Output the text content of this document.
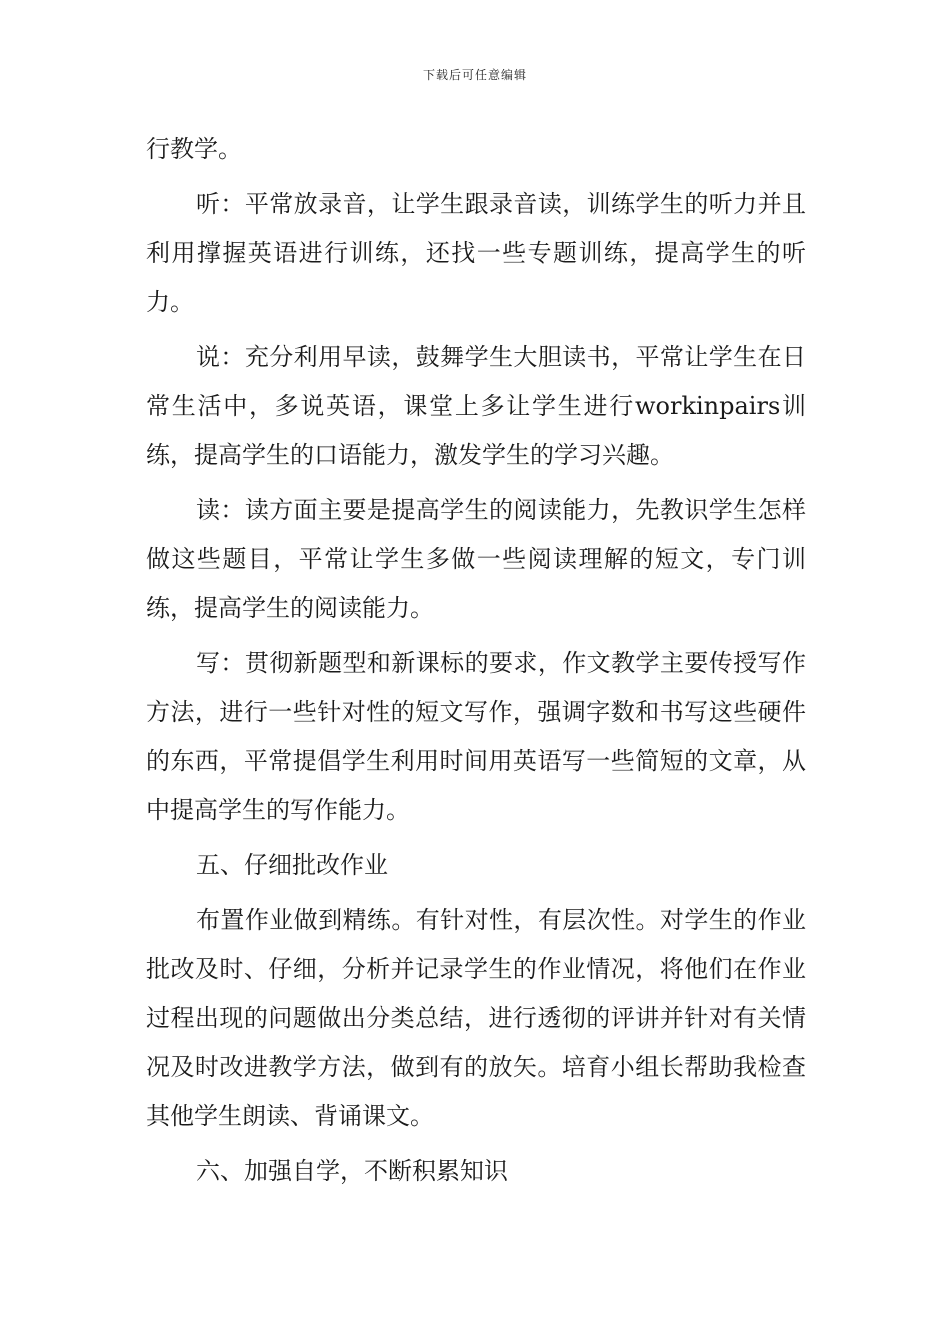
下载后可任意编辑

行教学。

听：平常放录音，让学生跟录音读，训练学生的听力并且利用撑握英语进行训练，还找一些专题训练，提高学生的听力。

说：充分利用早读，鼓舞学生大胆读书，平常让学生在日常生活中，多说英语，课堂上多让学生进行workinpairs训练，提高学生的口语能力，激发学生的学习兴趣。

读：读方面主要是提高学生的阅读能力，先教识学生怎样做这些题目，平常让学生多做一些阅读理解的短文，专门训练，提高学生的阅读能力。

写：贯彻新题型和新课标的要求，作文教学主要传授写作方法，进行一些针对性的短文写作，强调字数和书写这些硬件的东西，平常提倡学生利用时间用英语写一些简短的文章，从中提高学生的写作能力。

五、仔细批改作业

布置作业做到精练。有针对性，有层次性。对学生的作业批改及时、仔细，分析并记录学生的作业情况，将他们在作业过程出现的问题做出分类总结，进行透彻的评讲并针对有关情况及时改进教学方法，做到有的放矢。培育小组长帮助我检查其他学生朗读、背诵课文。

六、加强自学，不断积累知识
